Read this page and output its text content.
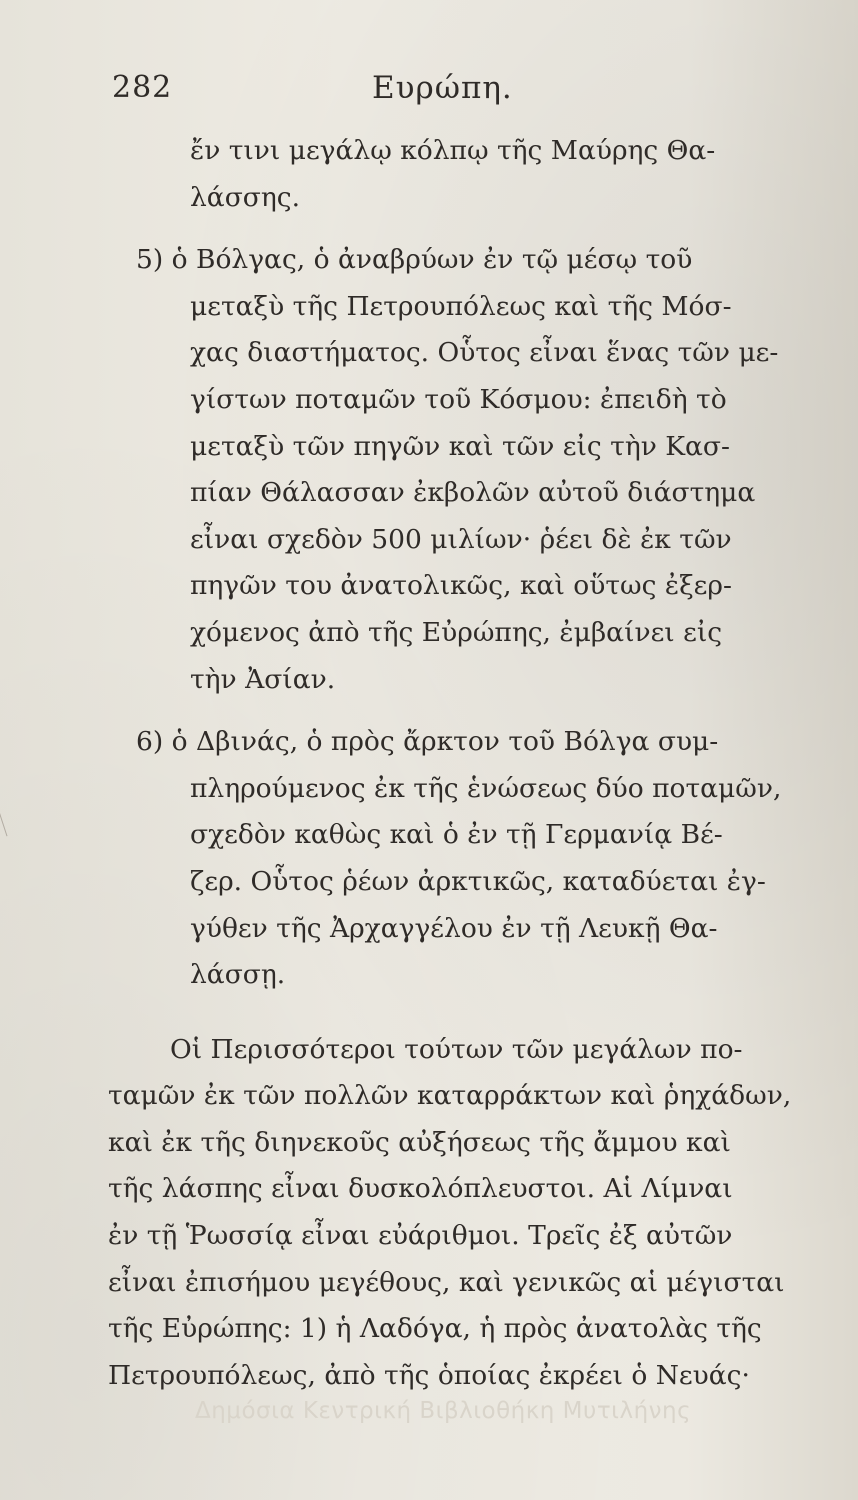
282	Ευρώπη.
ἔν τινι μεγάλῳ κόλπῳ τῆς Μαύρης Θα-
λάσσης.
5) ὁ Βόλγας, ὁ ἀναβρύων ἐν τῷ μέσῳ τοῦ
μεταξὺ τῆς Πετρουπόλεως καὶ τῆς Μόσ-
χας διαστήματος. Οὗτος εἶναι ἕνας τῶν με-
γίστων ποταμῶν τοῦ Κόσμου: ἐπειδὴ τὸ
μεταξὺ τῶν πηγῶν καὶ τῶν εἰς τὴν Κασ-
πίαν Θάλασσαν ἐκβολῶν αὐτοῦ διάστημα
εἶναι σχεδὸν 500 μιλίων· ῥέει δὲ ἐκ τῶν
πηγῶν του ἀνατολικῶς, καὶ οὕτως ἐξερ-
χόμενος ἀπὸ τῆς Εὐρώπης, ἐμβαίνει εἰς
τὴν Ἀσίαν.
6) ὁ Δβινάς, ὁ πρὸς ἄρκτον τοῦ Βόλγα συμ-
πληρούμενος ἐκ τῆς ἑνώσεως δύο ποταμῶν,
σχεδὸν καθὼς καὶ ὁ ἐν τῇ Γερμανίᾳ Βέ-
ζερ. Οὗτος ῥέων ἀρκτικῶς, καταδύεται ἐγ-
γύθεν τῆς Ἀρχαγγέλου ἐν τῇ Λευκῇ Θα-
λάσσῃ.
Οἱ Περισσότεροι τούτων τῶν μεγάλων πο-
ταμῶν ἐκ τῶν πολλῶν καταρράκτων καὶ ῥηχάδων,
καὶ ἐκ τῆς διηνεκοῦς αὐξήσεως τῆς ἄμμου καὶ
τῆς λάσπης εἶναι δυσκολόπλευστοι. Αἱ Λίμναι
ἐν τῇ Ῥωσσίᾳ εἶναι εὐάριθμοι. Τρεῖς ἐξ αὐτῶν
εἶναι ἐπισήμου μεγέθους, καὶ γενικῶς αἱ μέγισται
τῆς Εὐρώπης: 1) ἡ Λαδόγα, ἡ πρὸς ἀνατολὰς τῆς
Πετρουπόλεως, ἀπὸ τῆς ὁποίας ἐκρέει ὁ Νευάς·
Δημόσια Κεντρική Βιβλιοθήκη Μυτιλήνης
